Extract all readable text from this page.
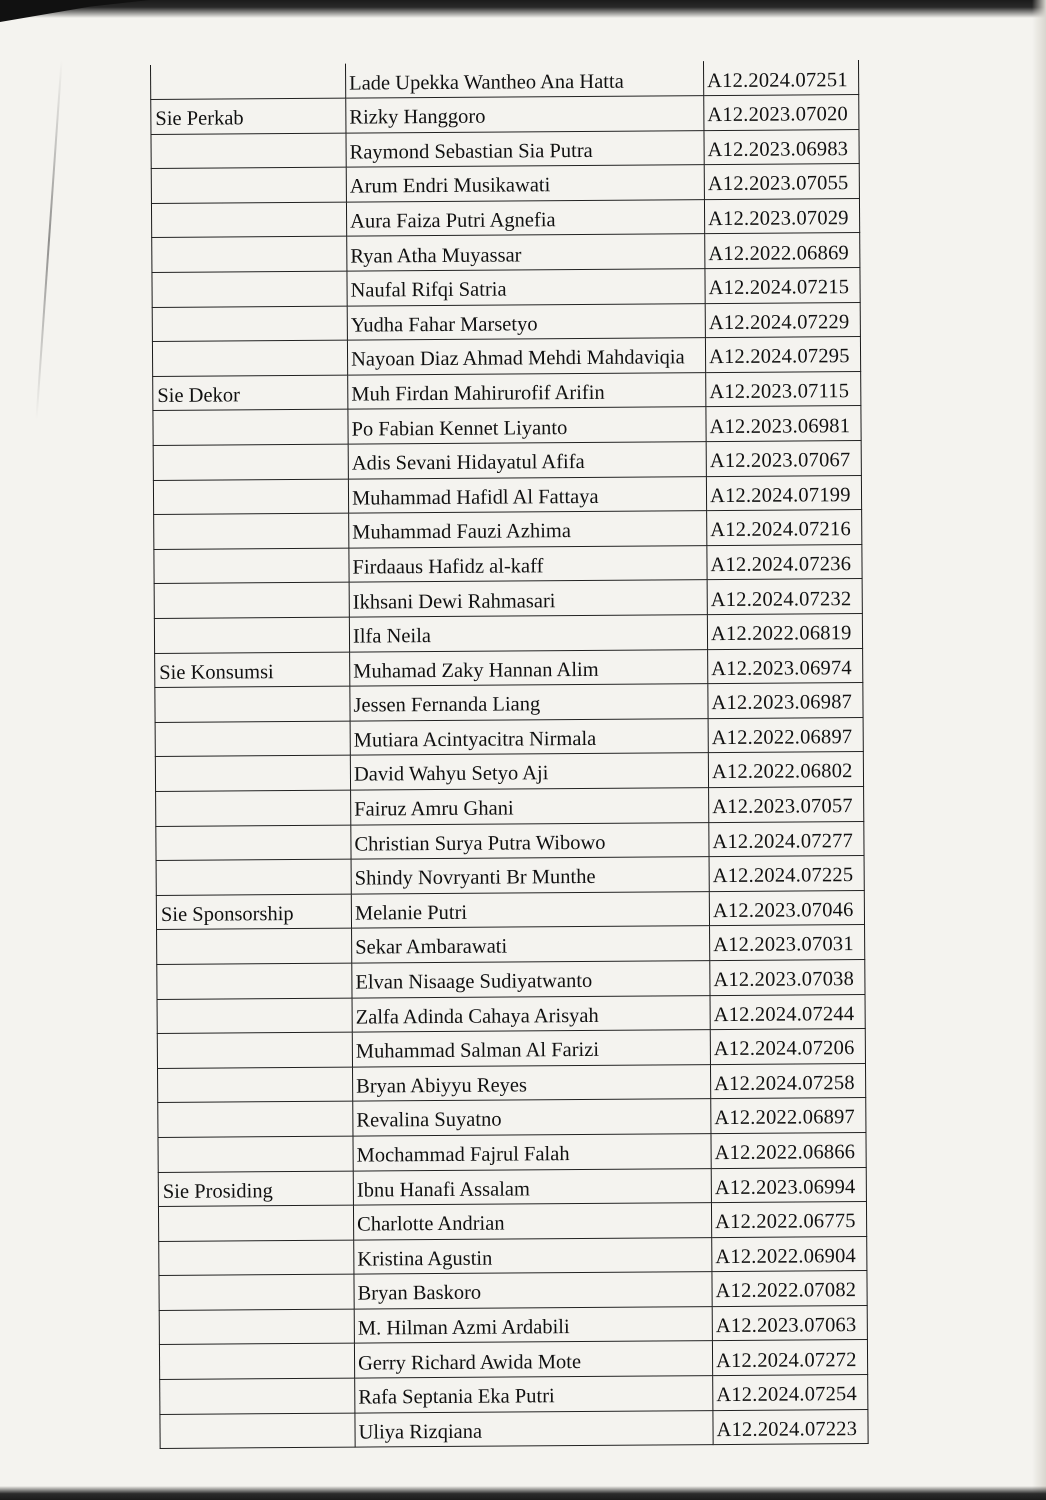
	Lade Upekka Wantheo Ana Hatta	A12.2024.07251
Sie Perkab	Rizky Hanggoro	A12.2023.07020
	Raymond Sebastian Sia Putra	A12.2023.06983
	Arum Endri Musikawati	A12.2023.07055
	Aura Faiza Putri Agnefia	A12.2023.07029
	Ryan Atha Muyassar	A12.2022.06869
	Naufal Rifqi Satria	A12.2024.07215
	Yudha Fahar Marsetyo	A12.2024.07229
	Nayoan Diaz Ahmad Mehdi Mahdaviqia	A12.2024.07295
Sie Dekor	Muh Firdan Mahirurofif Arifin	A12.2023.07115
	Po Fabian Kennet Liyanto	A12.2023.06981
	Adis Sevani Hidayatul Afifa	A12.2023.07067
	Muhammad Hafidl Al Fattaya	A12.2024.07199
	Muhammad Fauzi Azhima	A12.2024.07216
	Firdaaus Hafidz al-kaff	A12.2024.07236
	Ikhsani Dewi Rahmasari	A12.2024.07232
	Ilfa Neila	A12.2022.06819
Sie Konsumsi	Muhamad Zaky Hannan Alim	A12.2023.06974
	Jessen Fernanda Liang	A12.2023.06987
	Mutiara Acintyacitra Nirmala	A12.2022.06897
	David Wahyu Setyo Aji	A12.2022.06802
	Fairuz Amru Ghani	A12.2023.07057
	Christian Surya Putra Wibowo	A12.2024.07277
	Shindy Novryanti Br Munthe	A12.2024.07225
Sie Sponsorship	Melanie Putri	A12.2023.07046
	Sekar Ambarawati	A12.2023.07031
	Elvan Nisaage Sudiyatwanto	A12.2023.07038
	Zalfa Adinda Cahaya Arisyah	A12.2024.07244
	Muhammad Salman Al Farizi	A12.2024.07206
	Bryan Abiyyu Reyes	A12.2024.07258
	Revalina Suyatno	A12.2022.06897
	Mochammad Fajrul Falah	A12.2022.06866
Sie Prosiding	Ibnu Hanafi Assalam	A12.2023.06994
	Charlotte Andrian	A12.2022.06775
	Kristina Agustin	A12.2022.06904
	Bryan Baskoro	A12.2022.07082
	M. Hilman Azmi Ardabili	A12.2023.07063
	Gerry Richard Awida Mote	A12.2024.07272
	Rafa Septania Eka Putri	A12.2024.07254
	Uliya Rizqiana	A12.2024.07223
